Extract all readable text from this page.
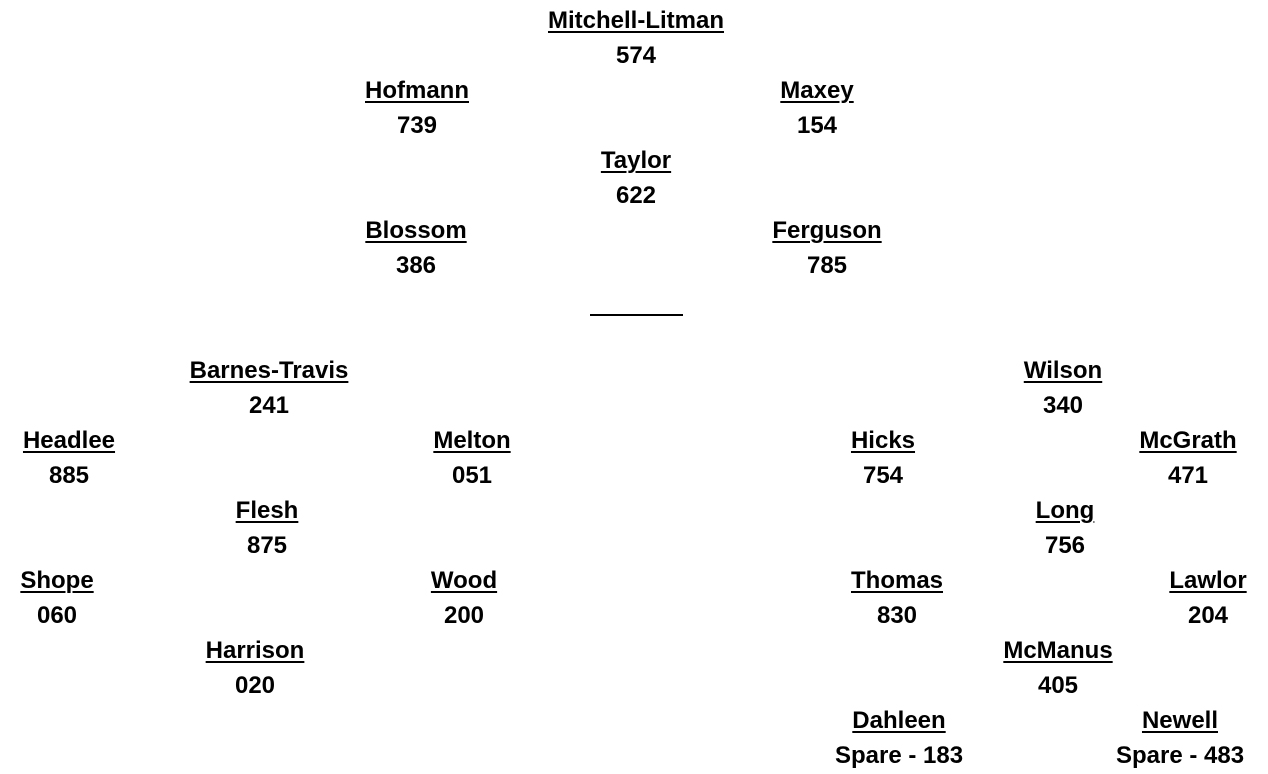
Mitchell-Litman
574
Hofmann
739
Maxey
154
Taylor
622
Blossom
386
Ferguson
785
Barnes-Travis
241
Headlee
885
Melton
051
Flesh
875
Shope
060
Wood
200
Harrison
020
Wilson
340
Hicks
754
McGrath
471
Long
756
Thomas
830
Lawlor
204
McManus
405
Dahleen
Spare - 183
Newell
Spare - 483
